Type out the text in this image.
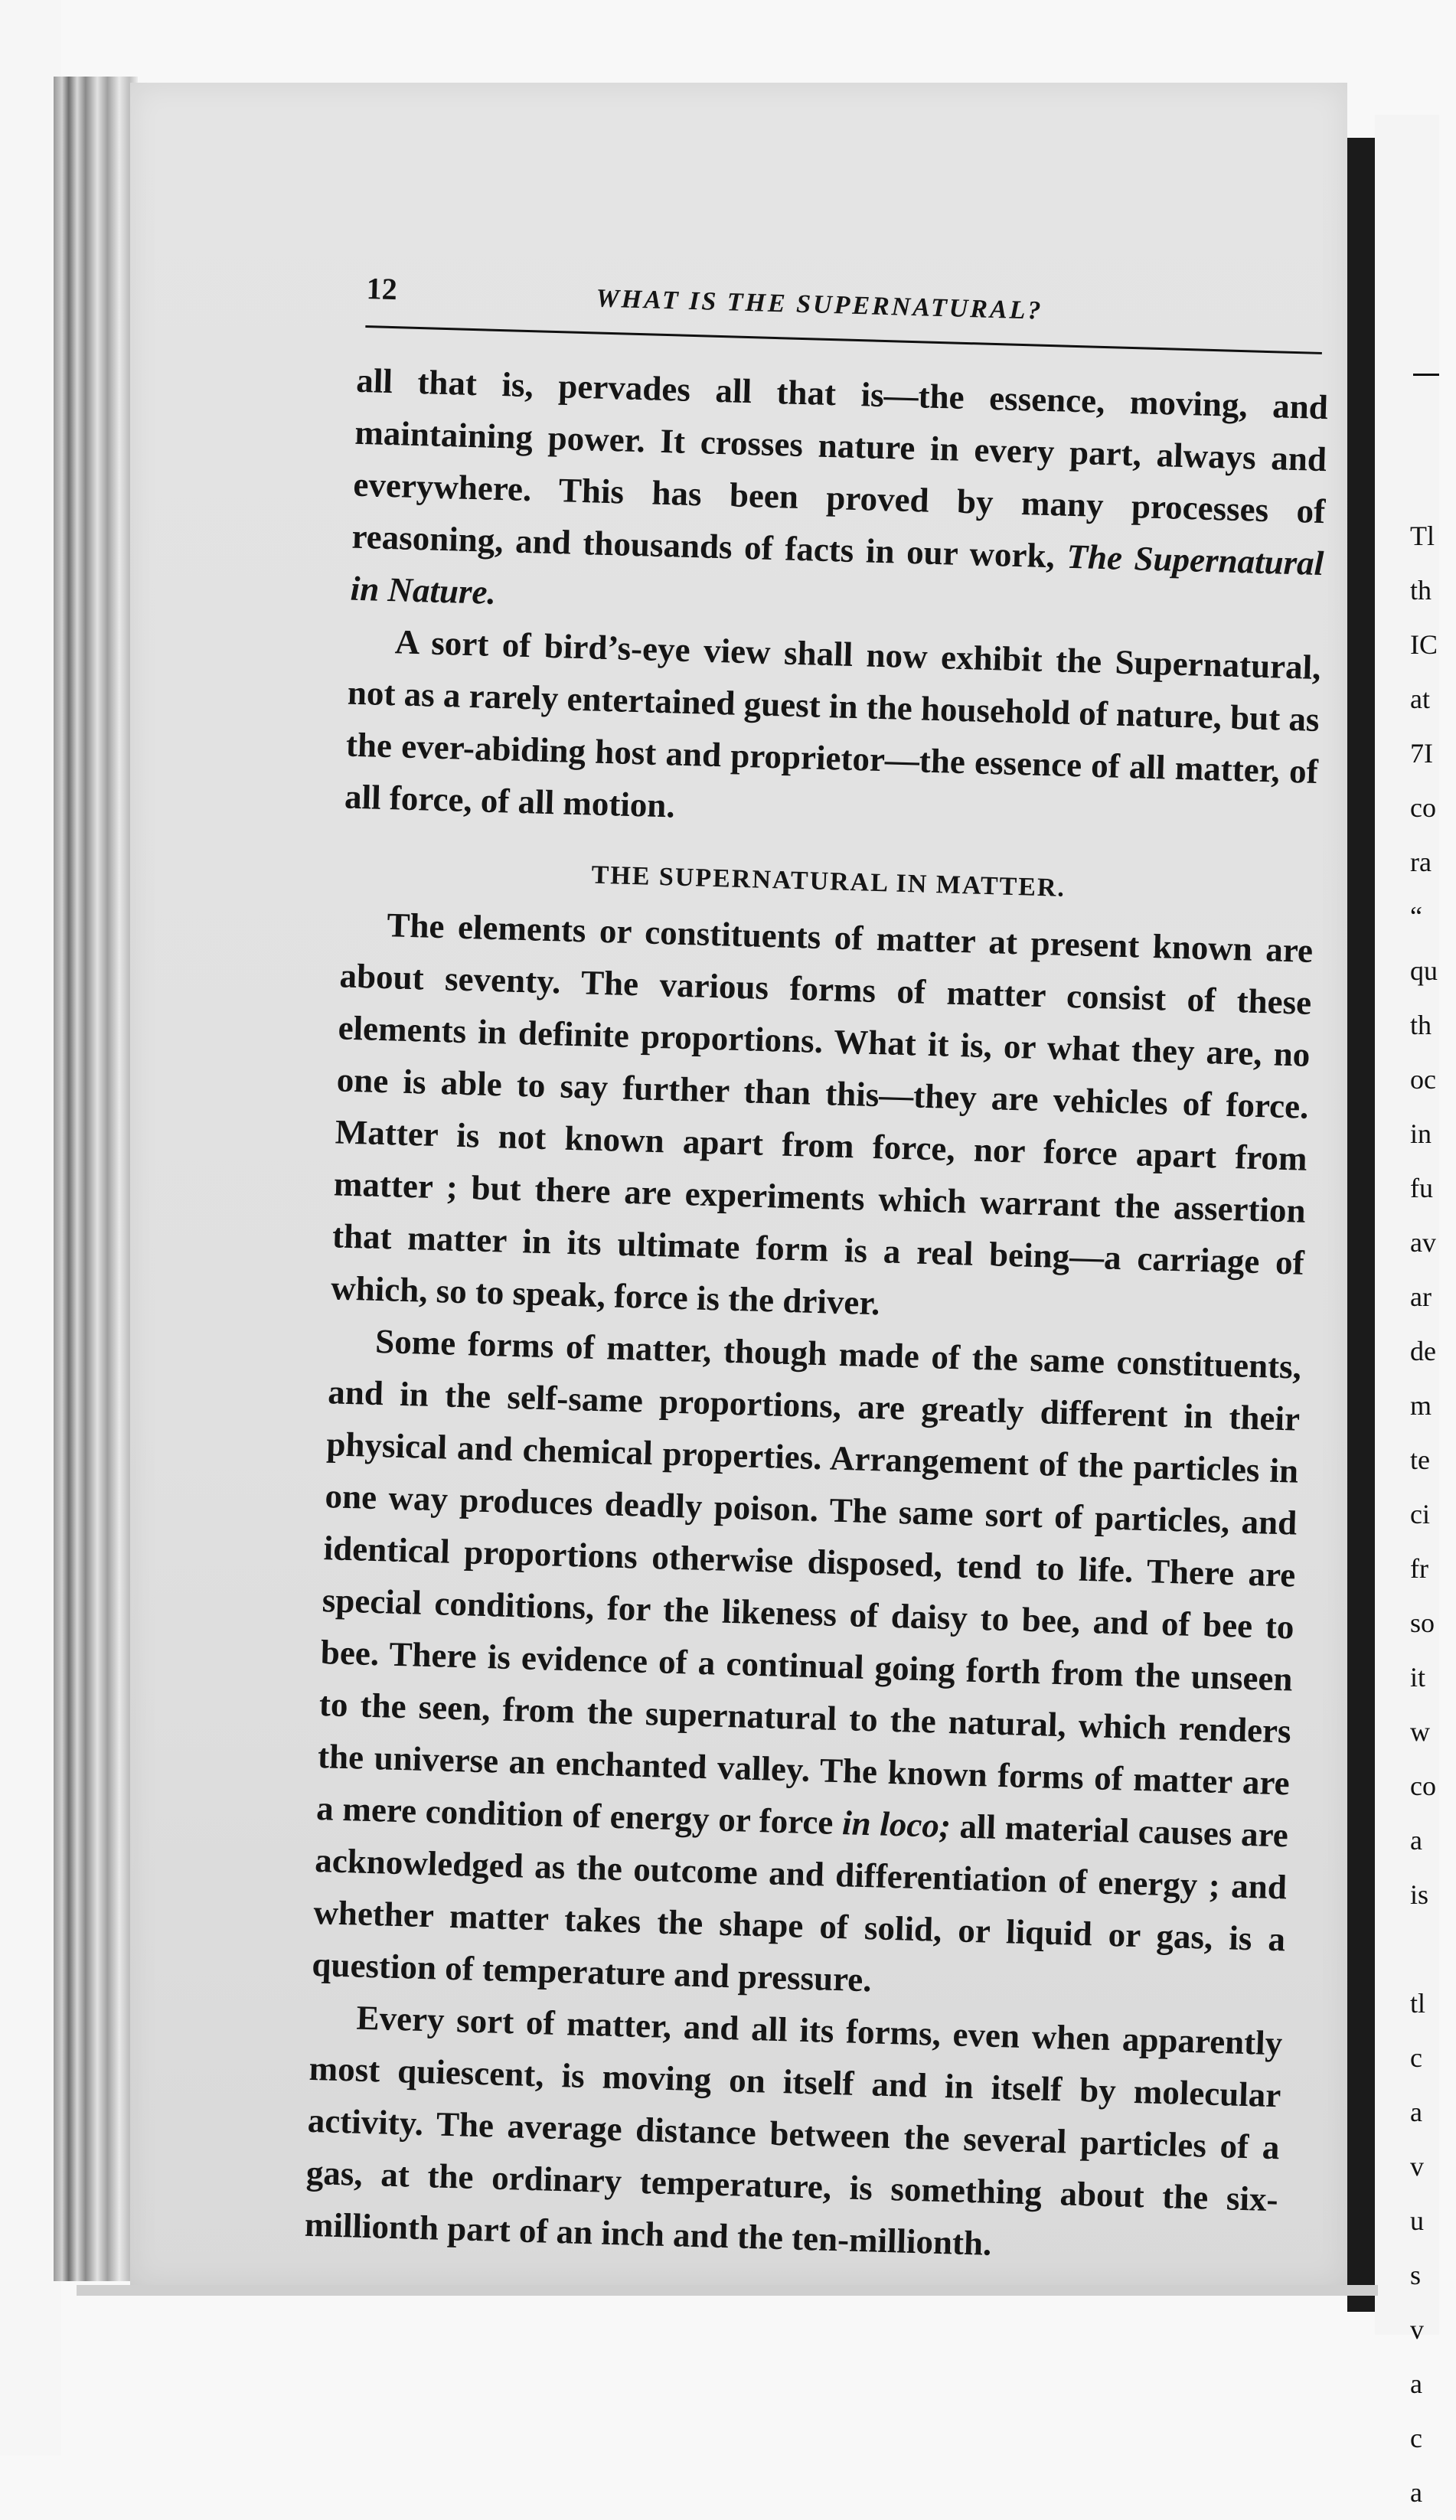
Tl
th
IC
at
7I
co
ra
“
qu
th
oc
in
fu
av
ar
de
m
te
ci
fr
so
it
w
co
a
is

tl
c
a
v
u
s
v
a
c
a
12	WHAT IS THE SUPERNATURAL?

all that is, pervades all that is—the essence, moving, and maintaining power. It crosses nature in every part, always and everywhere. This has been proved by many processes of reasoning, and thousands of facts in our work, The Supernatural in Nature.

A sort of bird’s-eye view shall now exhibit the Supernatural, not as a rarely entertained guest in the household of nature, but as the ever-abiding host and proprietor—the essence of all matter, of all force, of all motion.

THE SUPERNATURAL IN MATTER.

The elements or constituents of matter at present known are about seventy. The various forms of matter consist of these elements in definite proportions. What it is, or what they are, no one is able to say further than this—they are vehicles of force. Matter is not known apart from force, nor force apart from matter ; but there are experiments which warrant the assertion that matter in its ultimate form is a real being—a carriage of which, so to speak, force is the driver.

Some forms of matter, though made of the same constituents, and in the self-same proportions, are greatly different in their physical and chemical properties. Arrangement of the particles in one way produces deadly poison. The same sort of particles, and identical proportions otherwise disposed, tend to life. There are special conditions, for the likeness of daisy to bee, and of bee to bee. There is evidence of a continual going forth from the unseen to the seen, from the supernatural to the natural, which renders the universe an enchanted valley. The known forms of matter are a mere condition of energy or force in loco; all material causes are acknowledged as the outcome and differentiation of energy ; and whether matter takes the shape of solid, or liquid or gas, is a question of temperature and pressure.

Every sort of matter, and all its forms, even when apparently most quiescent, is moving on itself and in itself by molecular activity. The average distance between the several particles of a gas, at the ordinary temperature, is something about the six-millionth part of an inch and the ten-millionth.
